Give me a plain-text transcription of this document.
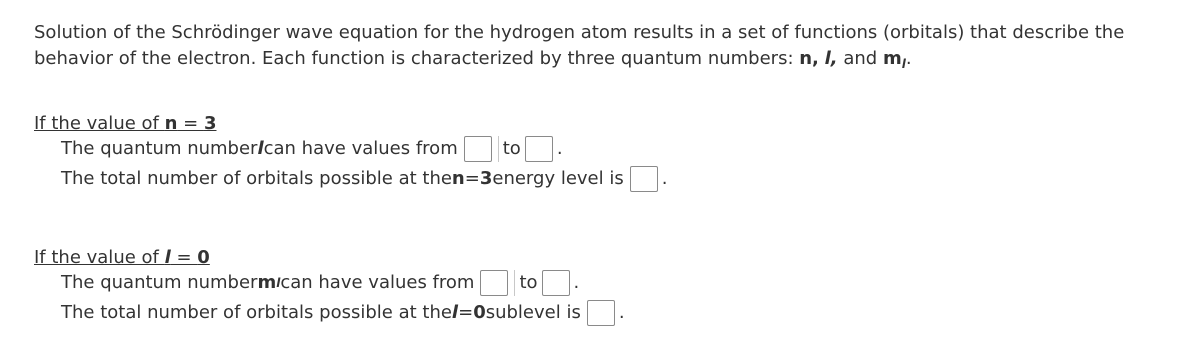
Solution of the Schrödinger wave equation for the hydrogen atom results in a set of functions (orbitals) that describe the behavior of the electron. Each function is characterized by three quantum numbers: n, l, and $m_l$.

If the value of n = 3
The quantum number l can have values from	to .
The total number of orbitals possible at the n = 3 energy level is .
If the value of l = 0
The quantum number m l can have values from	to .
The total number of orbitals possible at the l = 0 sublevel is .
